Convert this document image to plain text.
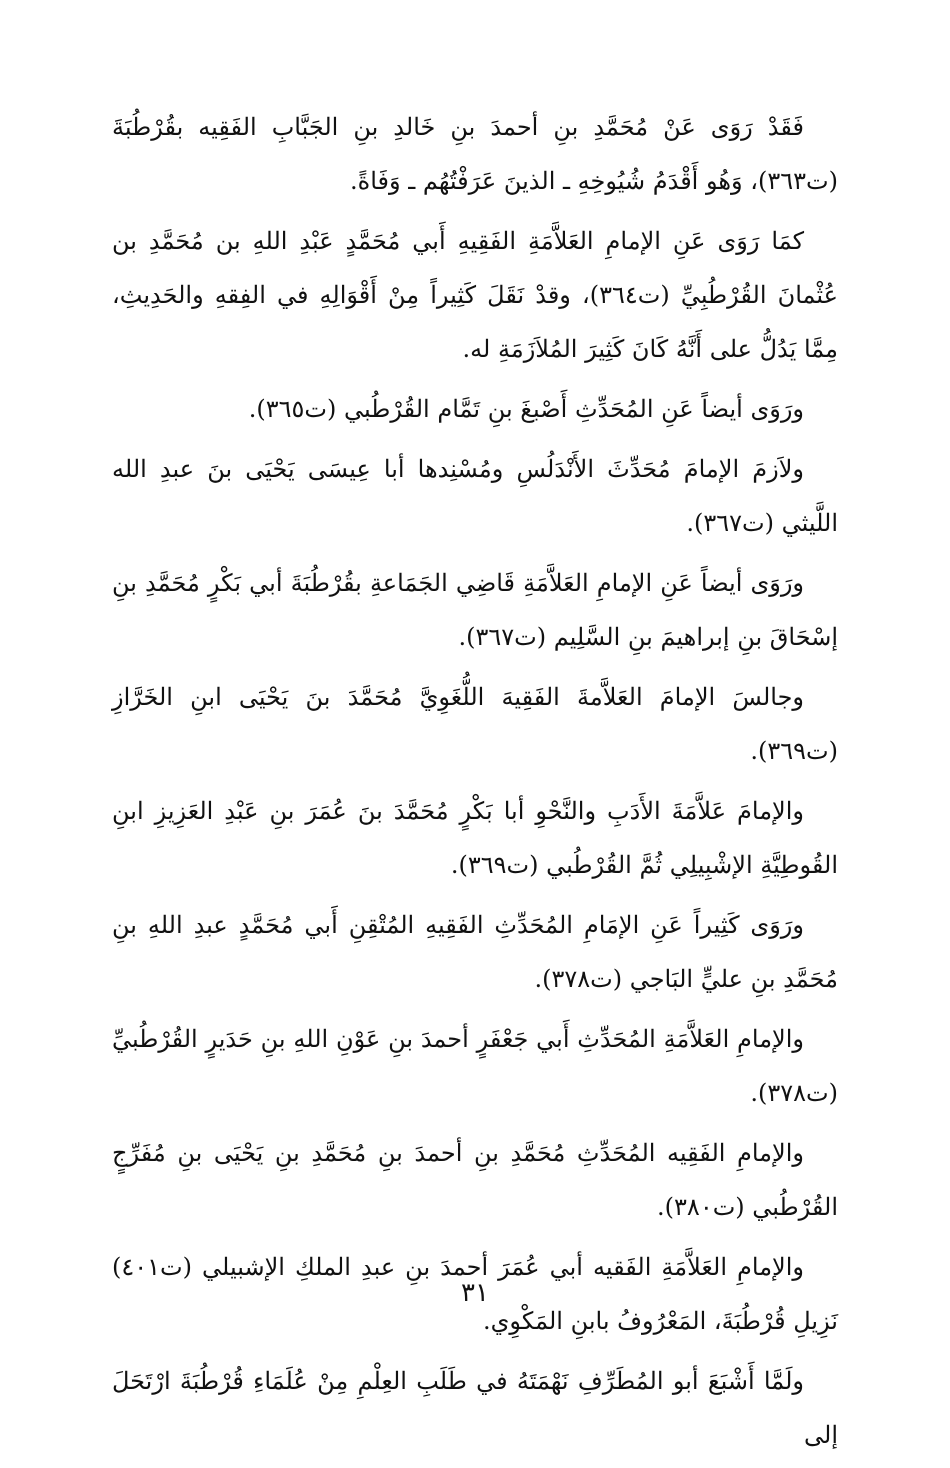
فَقَدْ رَوَى عَنْ مُحَمَّدِ بنِ أحمدَ بنِ خَالدِ بنِ الجَبَّابِ الفَقِيه بقُرْطُبَةَ (ت٣٦٣)، وَهُو أَقْدَمُ شُيُوخِهِ ـ الذينَ عَرَفْتُهُم ـ وَفَاةً.

كمَا رَوَى عَنِ الإمامِ العَلاَّمَةِ الفَقِيهِ أَبي مُحَمَّدٍ عَبْدِ اللهِ بن مُحَمَّدِ بن عُثْمانَ القُرْطُبِيِّ (ت٣٦٤)، وقدْ نَقَلَ كَثِيراً مِنْ أَقْوَالِهِ في الفِقهِ والحَدِيثِ، مِمَّا يَدُلُّ على أَنَّهُ كَانَ كَثِيرَ المُلاَزَمَةِ له.

ورَوَى أيضاً عَنِ المُحَدِّثِ أَصْبغَ بنِ تَمَّام القُرْطُبي (ت٣٦٥).

ولاَزمَ الإمامَ مُحَدِّثَ الأَنْدَلُسِ ومُسْنِدها أبا عِيسَى يَحْيَى بنَ عبدِ الله اللَّيثي (ت٣٦٧).

ورَوَى أيضاً عَنِ الإمامِ العَلاَّمَةِ قَاضِي الجَمَاعةِ بقُرْطُبَةَ أبي بَكْرٍ مُحَمَّدِ بنِ إسْحَاقَ بنِ إبراهيمَ بنِ السَّلِيم (ت٣٦٧).

وجالسَ الإمامَ العَلاَّمةَ الفَقِيهَ اللُّغَوِيَّ مُحَمَّدَ بنَ يَحْيَى ابنِ الخَرَّازِ (ت٣٦٩).

والإمامَ عَلاَّمَةَ الأَدَبِ والنَّحْوِ أبا بَكْرٍ مُحَمَّدَ بنَ عُمَرَ بنِ عَبْدِ العَزِيزِ ابنِ القُوطِيَّةِ الإشْبِيلِي ثُمَّ القُرْطُبي (ت٣٦٩).

ورَوَى كَثِيراً عَنِ الإمَامِ المُحَدِّثِ الفَقِيهِ المُتْقِنِ أَبي مُحَمَّدٍ عبدِ اللهِ بنِ مُحَمَّدِ بنِ عليٍّ البَاجي (ت٣٧٨).

والإمامِ العَلاَّمَةِ المُحَدِّثِ أَبي جَعْفَرٍ أحمدَ بنِ عَوْنِ اللهِ بنِ حَدَيرٍ القُرْطُبيِّ (ت٣٧٨).

والإمامِ الفَقِيه المُحَدِّثِ مُحَمَّدِ بنِ أحمدَ بنِ مُحَمَّدِ بنِ يَحْيَى بنِ مُفَرِّجٍ القُرْطُبي (ت٣٨٠).

والإمامِ العَلاَّمَةِ الفَقيه أبي عُمَرَ أحمدَ بنِ عبدِ الملكِ الإشبيلي (ت٤٠١) نَزِيلِ قُرْطُبَةَ، المَعْرُوفُ بابنِ المَكْوِي.

ولَمَّا أَشْبَعَ أبو المُطَرِّفِ نَهْمَتَهُ في طَلَبِ العِلْمِ مِنْ عُلَمَاءِ قُرْطُبَةَ ارْتَحَلَ إلى

٣١
